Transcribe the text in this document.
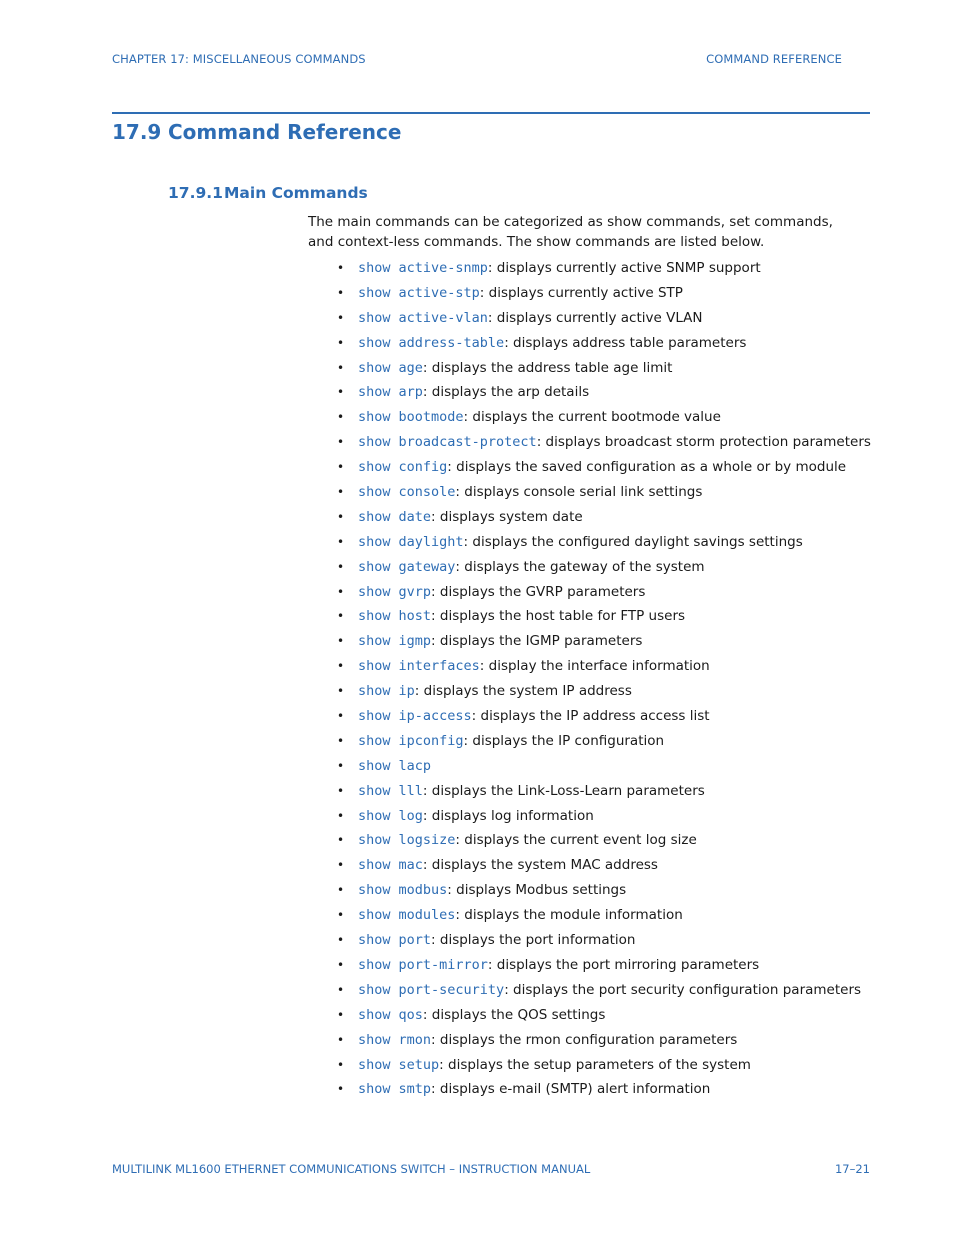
CHAPTER 17: MISCELLANEOUS COMMANDS	COMMAND REFERENCE
17.9 Command Reference
17.9.1Main Commands

The main commands can be categorized as show commands, set commands, and context-less commands. The show commands are listed below.

• show active-snmp: displays currently active SNMP support
• show active-stp: displays currently active STP
• show active-vlan: displays currently active VLAN
• show address-table: displays address table parameters
• show age: displays the address table age limit
• show arp: displays the arp details
• show bootmode: displays the current bootmode value
• show broadcast-protect: displays broadcast storm protection parameters
• show config: displays the saved configuration as a whole or by module
• show console: displays console serial link settings
• show date: displays system date
• show daylight: displays the configured daylight savings settings
• show gateway: displays the gateway of the system
• show gvrp: displays the GVRP parameters
• show host: displays the host table for FTP users
• show igmp: displays the IGMP parameters
• show interfaces: display the interface information
• show ip: displays the system IP address
• show ip-access: displays the IP address access list
• show ipconfig: displays the IP configuration
• show lacp
• show lll: displays the Link-Loss-Learn parameters
• show log: displays log information
• show logsize: displays the current event log size
• show mac: displays the system MAC address
• show modbus: displays Modbus settings
• show modules: displays the module information
• show port: displays the port information
• show port-mirror: displays the port mirroring parameters
• show port-security: displays the port security configuration parameters
• show qos: displays the QOS settings
• show rmon: displays the rmon configuration parameters
• show setup: displays the setup parameters of the system
• show smtp: displays e-mail (SMTP) alert information
MULTILINK ML1600 ETHERNET COMMUNICATIONS SWITCH – INSTRUCTION MANUAL	17–21
